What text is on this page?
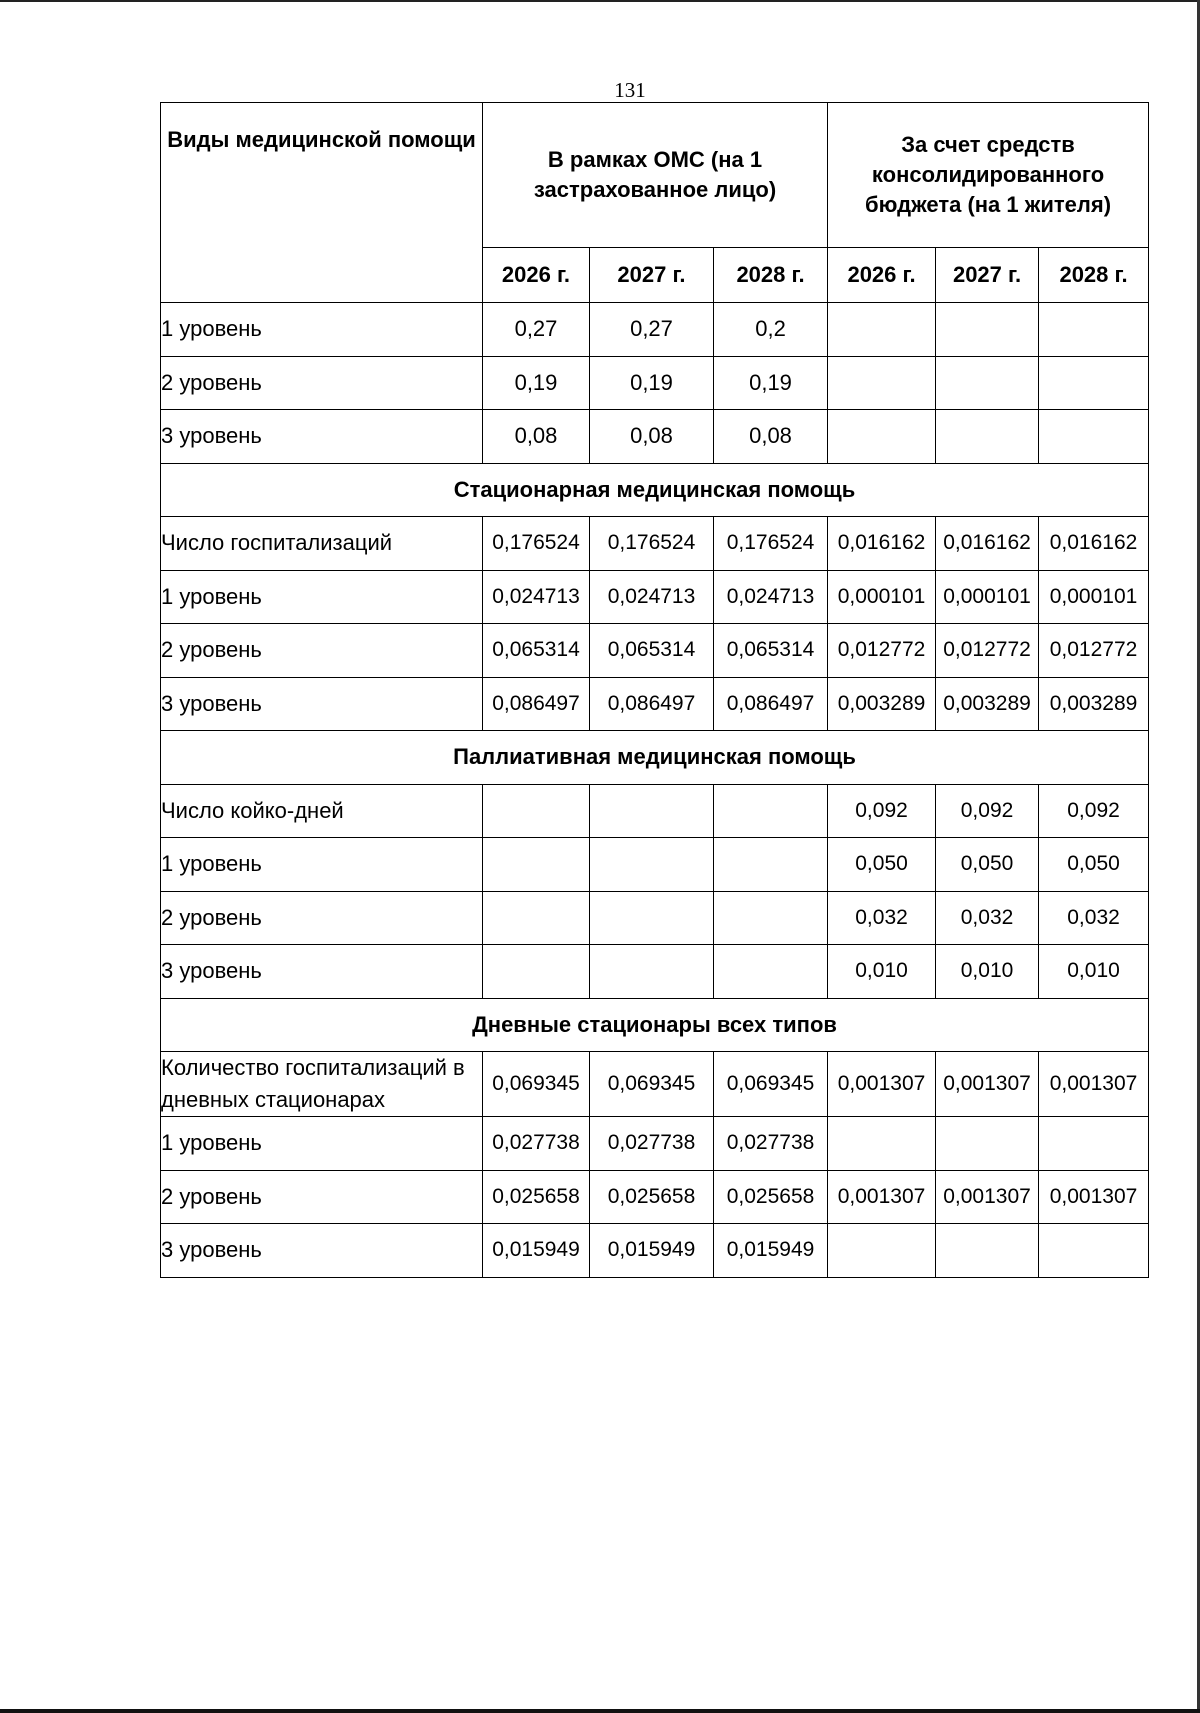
131
Виды медицинской помощи	В рамках ОМС (на 1 застрахованное лицо)			За счет средств консолидированного бюджета (на 1 жителя)		
	2026 г.	2027 г.	2028 г.	2026 г.	2027 г.	2028 г.
1 уровень	0,27	0,27	0,2			
2 уровень	0,19	0,19	0,19			
3 уровень	0,08	0,08	0,08			
Стационарная медицинская помощь						
Число госпитализаций	0,176524	0,176524	0,176524	0,016162	0,016162	0,016162
1 уровень	0,024713	0,024713	0,024713	0,000101	0,000101	0,000101
2 уровень	0,065314	0,065314	0,065314	0,012772	0,012772	0,012772
3 уровень	0,086497	0,086497	0,086497	0,003289	0,003289	0,003289
Паллиативная медицинская помощь						
Число койко-дней				0,092	0,092	0,092
1 уровень				0,050	0,050	0,050
2 уровень				0,032	0,032	0,032
3 уровень				0,010	0,010	0,010
Дневные стационары всех типов						
Количество госпитализаций в дневных стационарах	0,069345	0,069345	0,069345	0,001307	0,001307	0,001307
1 уровень	0,027738	0,027738	0,027738			
2 уровень	0,025658	0,025658	0,025658	0,001307	0,001307	0,001307
3 уровень	0,015949	0,015949	0,015949			
